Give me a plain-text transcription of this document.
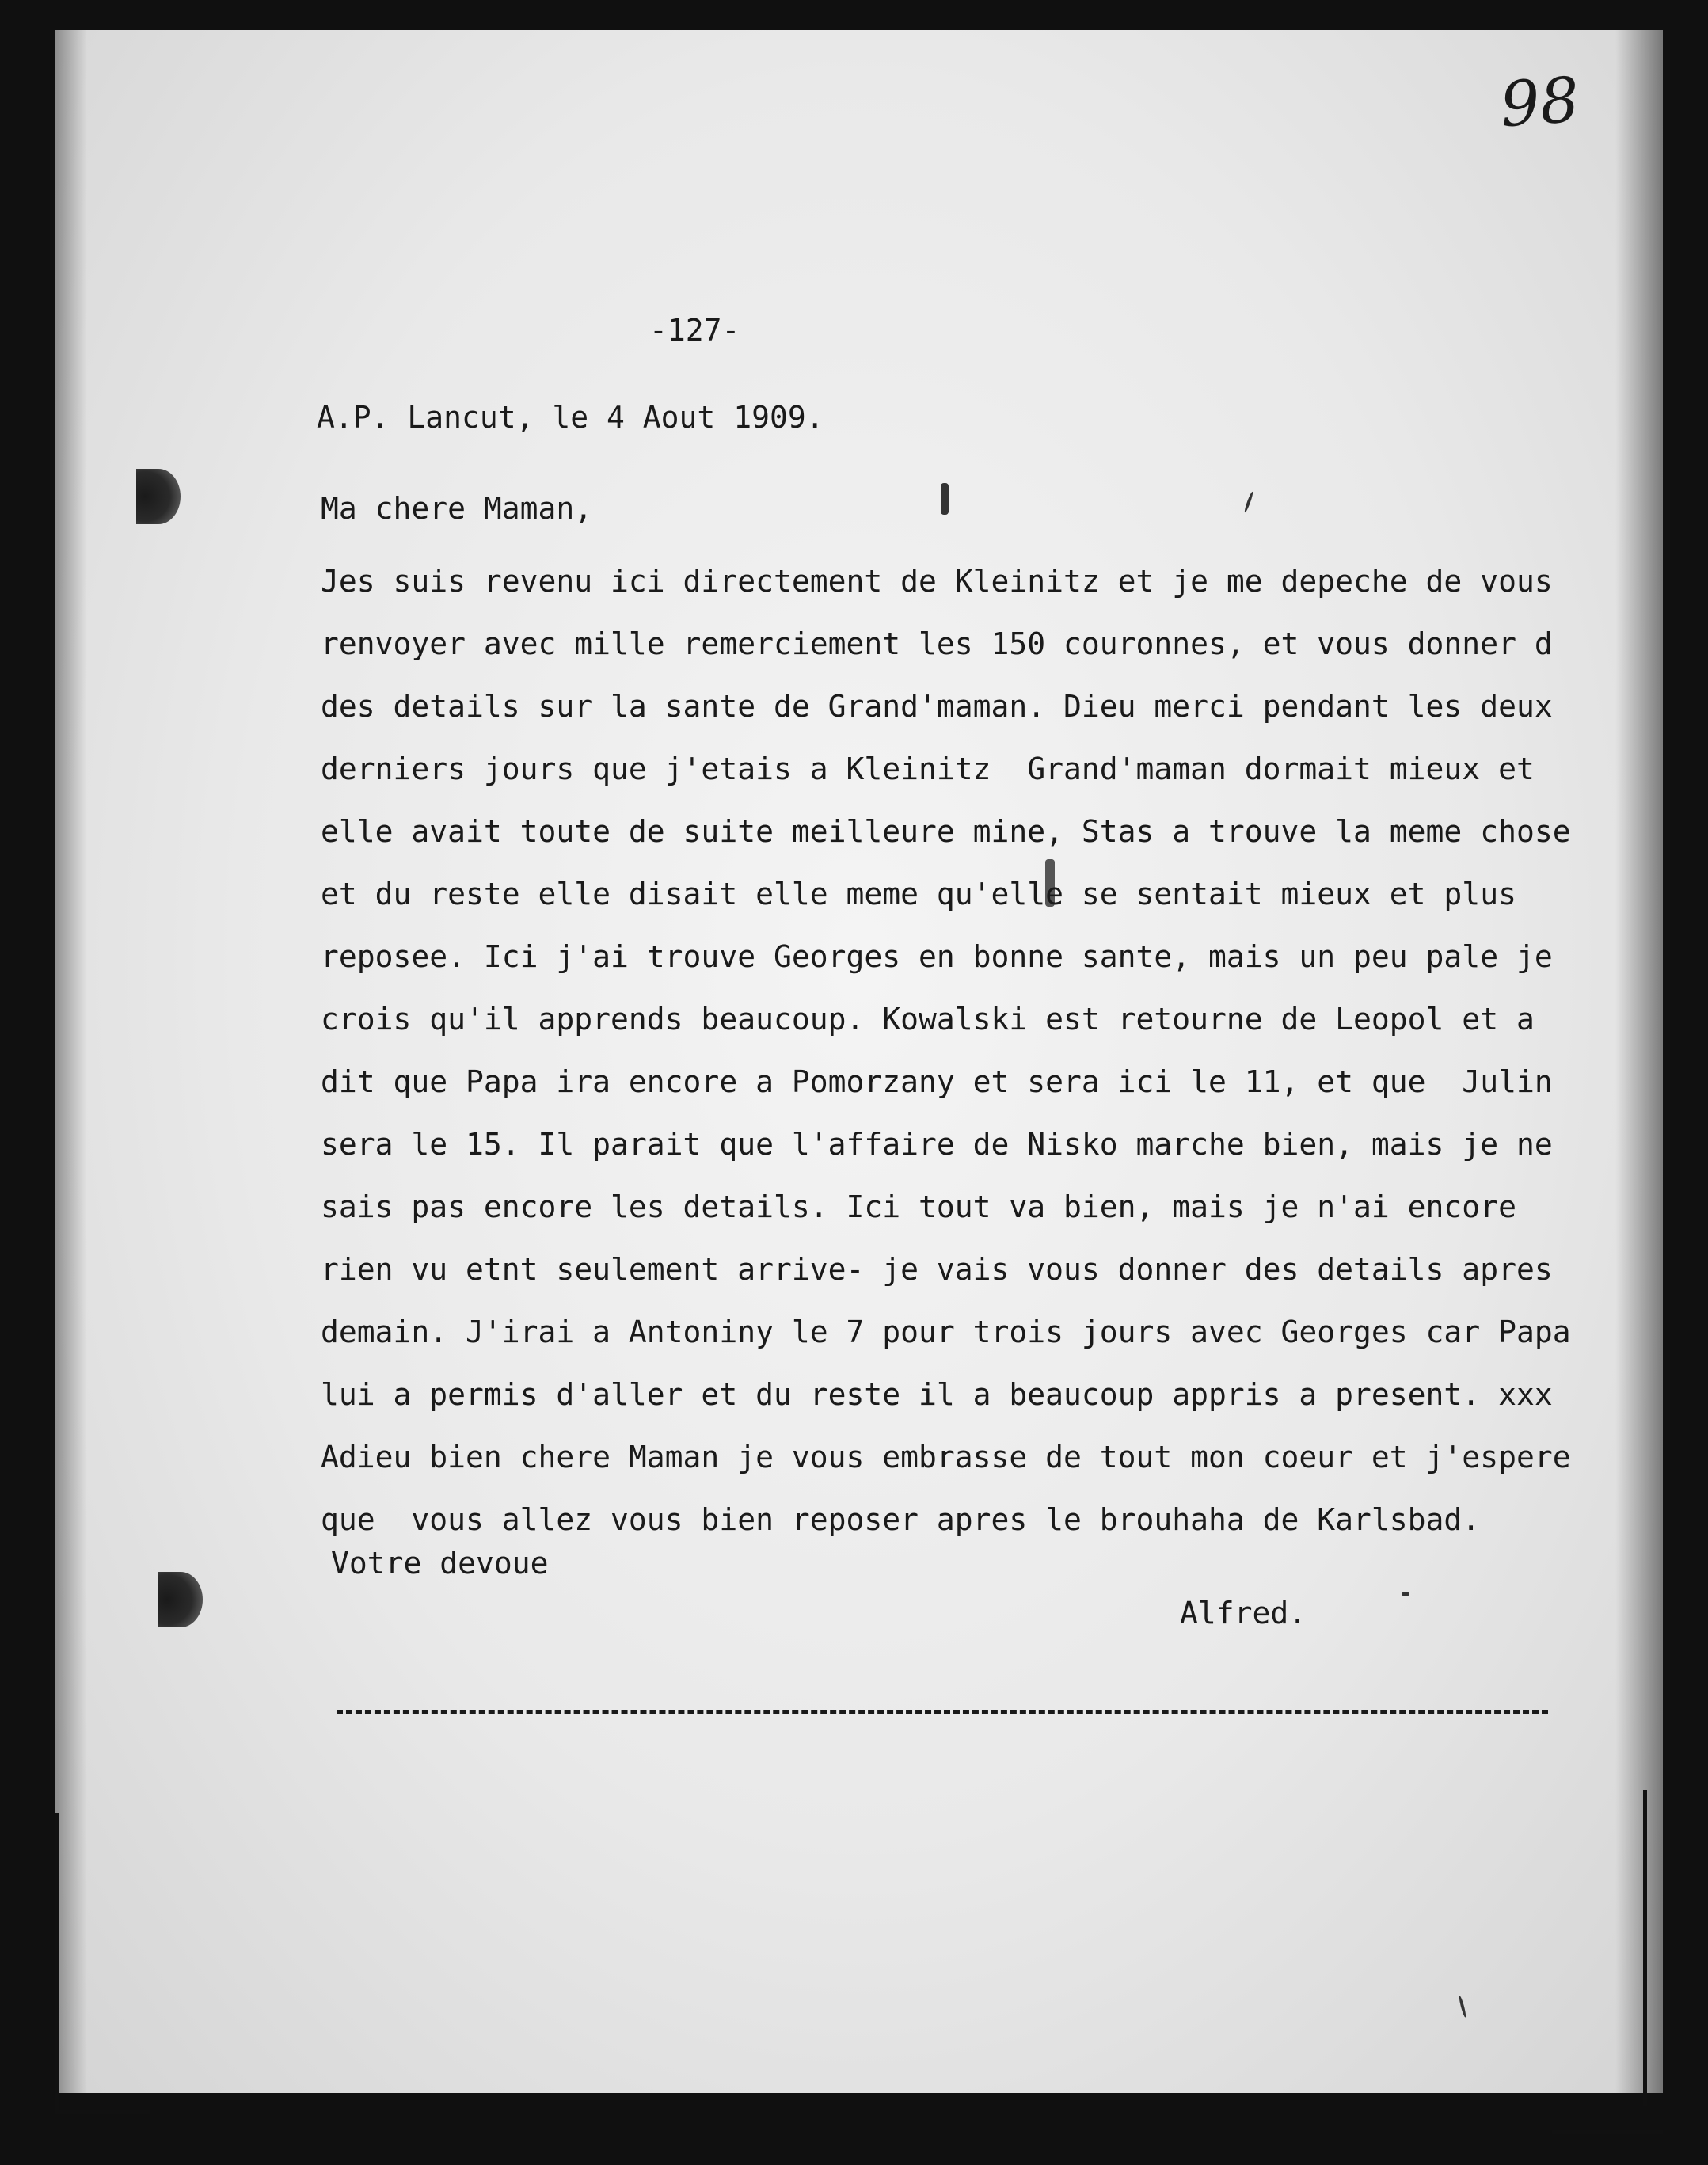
98
-127-
A.P. Lancut, le 4 Aout 1909.
Ma chere Maman,
Jes suis revenu ici directement de Kleinitz et je me depeche de vous
renvoyer avec mille remerciement les 150 couronnes, et vous donner d
des details sur la sante de Grand'maman. Dieu merci pendant les deux
derniers jours que j'etais a Kleinitz  Grand'maman dormait mieux et
elle avait toute de suite meilleure mine, Stas a trouve la meme chose
et du reste elle disait elle meme qu'elle se sentait mieux et plus
reposee. Ici j'ai trouve Georges en bonne sante, mais un peu pale je
crois qu'il apprends beaucoup. Kowalski est retourne de Leopol et a
dit que Papa ira encore a Pomorzany et sera ici le 11, et que  Julin
sera le 15. Il parait que l'affaire de Nisko marche bien, mais je ne
sais pas encore les details. Ici tout va bien, mais je n'ai encore
rien vu etnt seulement arrive- je vais vous donner des details apres
demain. J'irai a Antoniny le 7 pour trois jours avec Georges car Papa
lui a permis d'aller et du reste il a beaucoup appris a present. xxx
Adieu bien chere Maman je vous embrasse de tout mon coeur et j'espere
que  vous allez vous bien reposer apres le brouhaha de Karlsbad.
Votre devoue
Alfred.
